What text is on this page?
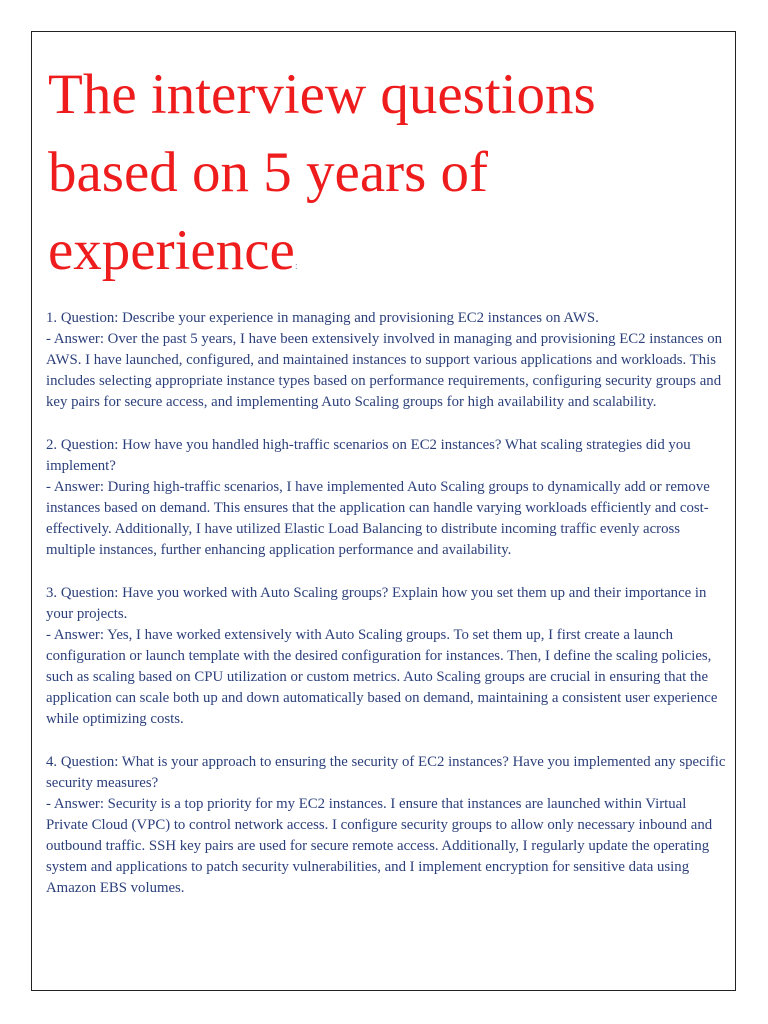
The interview questions based on 5 years of experience:

1. Question: Describe your experience in managing and provisioning EC2 instances on AWS.

- Answer: Over the past 5 years, I have been extensively involved in managing and provisioning EC2 instances on AWS. I have launched, configured, and maintained instances to support various applications and workloads. This includes selecting appropriate instance types based on performance requirements, configuring security groups and key pairs for secure access, and implementing Auto Scaling groups for high availability and scalability.

2. Question: How have you handled high-traffic scenarios on EC2 instances? What scaling strategies did you implement?

- Answer: During high-traffic scenarios, I have implemented Auto Scaling groups to dynamically add or remove instances based on demand. This ensures that the application can handle varying workloads efficiently and cost-effectively. Additionally, I have utilized Elastic Load Balancing to distribute incoming traffic evenly across multiple instances, further enhancing application performance and availability.

3. Question: Have you worked with Auto Scaling groups? Explain how you set them up and their importance in your projects.

- Answer: Yes, I have worked extensively with Auto Scaling groups. To set them up, I first create a launch configuration or launch template with the desired configuration for instances. Then, I define the scaling policies, such as scaling based on CPU utilization or custom metrics. Auto Scaling groups are crucial in ensuring that the application can scale both up and down automatically based on demand, maintaining a consistent user experience while optimizing costs.

4. Question: What is your approach to ensuring the security of EC2 instances? Have you implemented any specific security measures?

- Answer: Security is a top priority for my EC2 instances. I ensure that instances are launched within Virtual Private Cloud (VPC) to control network access. I configure security groups to allow only necessary inbound and outbound traffic. SSH key pairs are used for secure remote access. Additionally, I regularly update the operating system and applications to patch security vulnerabilities, and I implement encryption for sensitive data using Amazon EBS volumes.
